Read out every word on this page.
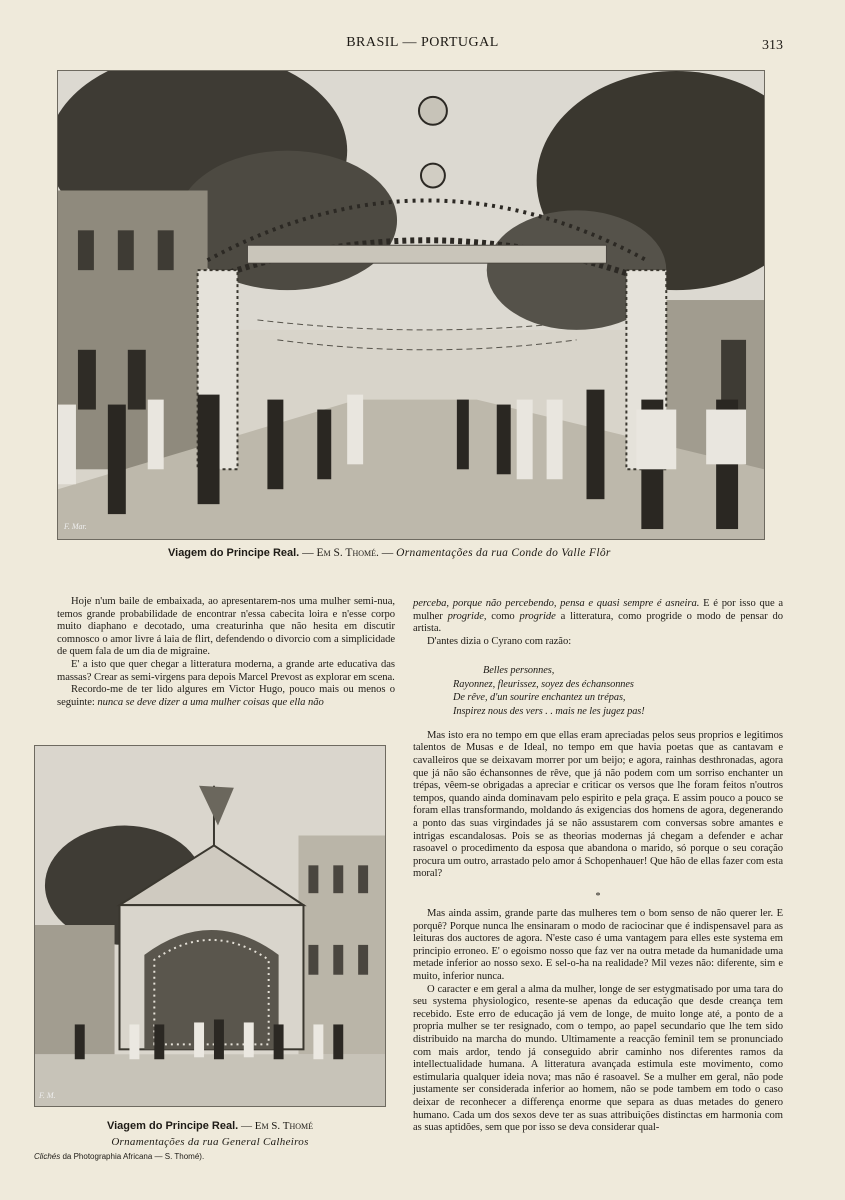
BRASIL — PORTUGAL	313
F. Mar.
Viagem do Principe Real. — Em S. Thomé. — Ornamentações da rua Conde do Valle Flôr

Hoje n'um baile de embaixada, ao apresentarem-nos uma mulher semi-nua, temos grande probabilidade de encontrar n'essa cabecita loira e n'esse corpo muito diaphano e decotado, uma creaturinha que não hesita em discutir comnosco o amor livre á laia de flirt, defendendo o divorcio com a simplicidade de quem fala de um dia de migraine.

E' a isto que quer chegar a litteratura moderna, a grande arte educativa das massas? Crear as semi-virgens para depois Marcel Prevost as explorar em scena.

Recordo-me de ter lido algures em Victor Hugo, pouco mais ou menos o seguinte: nunca se deve dizer a uma mulher coisas que ella não

F. M.
Viagem do Principe Real. — Em S. Thomé
Ornamentações da rua General Calheiros
Clichés da Photographia Africana — S. Thomé).

perceba, porque não percebendo, pensa e quasi sempre é asneira. E é por isso que a mulher progride, como progride a litteratura, como progride o modo de pensar do artista.

D'antes dizia o Cyrano com razão:

Belles personnes,
Rayonnez, fleurissez, soyez des échansonnes
De rêve, d'un sourire enchantez un trépas,
Inspirez nous des vers . . mais ne les jugez pas!

Mas isto era no tempo em que ellas eram apreciadas pelos seus proprios e legitimos talentos de Musas e de Ideal, no tempo em que havia poetas que as cantavam e cavalleiros que se deixavam morrer por um beijo; e agora, rainhas desthronadas, agora que já não são échansonnes de rêve, que já não podem com um sorriso enchanter un trépas, vêem-se obrigadas a apreciar e criticar os versos que lhe foram feitos n'outros tempos, quando ainda dominavam pelo espirito e pela graça. E assim pouco a pouco se foram ellas transformando, moldando ás exigencias dos homens de agora, degenerando a ponto das suas virgindades já se não assustarem com conversas sobre amantes e intrigas escandalosas. Pois se as theorias modernas já chegam a defender e achar rasoavel o procedimento da esposa que abandona o marido, só porque o seu coração procura um outro, arrastado pelo amor á Schopenhauer! Que hão de ellas fazer com esta moral?

*

Mas ainda assim, grande parte das mulheres tem o bom senso de não querer ler. E porquê? Porque nunca lhe ensinaram o modo de raciocinar que é indispensavel para as leituras dos auctores de agora. N'este caso é uma vantagem para elles este systema em principio erroneo. E' o egoismo nosso que faz ver na outra metade da humanidade uma metade inferior ao nosso sexo. E sel-o-ha na realidade? Mil vezes não: diferente, sim e muito, inferior nunca.

O caracter e em geral a alma da mulher, longe de ser estygmatisado por uma tara do seu systema physiologico, resente-se apenas da educação que desde creança tem recebido. Este erro de educação já vem de longe, de muito longe até, a ponto de a propria mulher se ter resignado, com o tempo, ao papel secundario que lhe tem sido distribuido na marcha do mundo. Ultimamente a reacção feminil tem se pronunciado com mais ardor, tendo já conseguido abrir caminho nos diferentes ramos da intellectualidade humana. A litteratura avançada estimula este movimento, como estimularia qualquer ideia nova; mas não é rasoavel. Se a mulher em geral, não pode justamente ser considerada inferior ao homem, não se pode tambem em todo o caso deixar de reconhecer a differença enorme que separa as duas metades do genero humano. Cada um dos sexos deve ter as suas attribuições distinctas em harmonia com as suas aptidões, sem que por isso se deva considerar qual-
